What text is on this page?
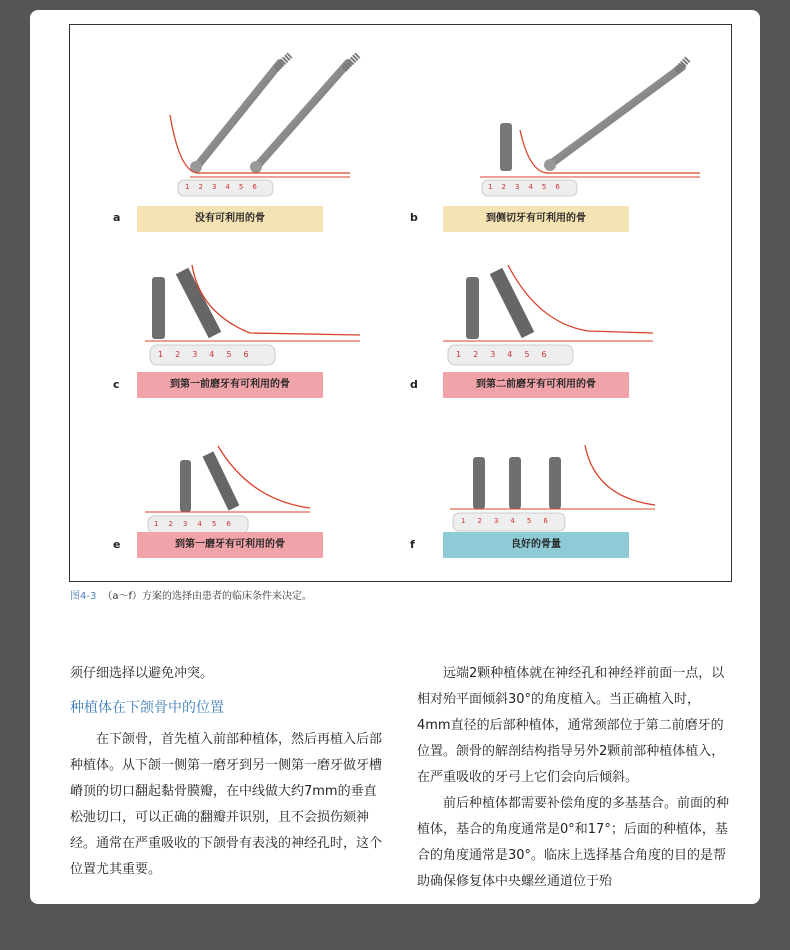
123456
a	没有可利用的骨
123456
b	到侧切牙有可利用的骨
123456
c	到第一前磨牙有可利用的骨
123456
d	到第二前磨牙有可利用的骨
123456
e	到第一磨牙有可利用的骨
123456
f	良好的骨量
图4-3 （a～f）方案的选择由患者的临床条件来决定。

须仔细选择以避免冲突。

种植体在下颌骨中的位置

在下颌骨，首先植入前部种植体，然后再植入后部种植体。从下颌一侧第一磨牙到另一侧第一磨牙做牙槽嵴顶的切口翻起黏骨膜瓣，在中线做大约7mm的垂直松弛切口，可以正确的翻瓣并识别，且不会损伤颏神经。通常在严重吸收的下颌骨有表浅的神经孔时，这个位置尤其重要。

远端2颗种植体就在神经孔和神经袢前面一点，以相对殆平面倾斜30°的角度植入。当正确植入时，4mm直径的后部种植体，通常颈部位于第二前磨牙的位置。颌骨的解剖结构指导另外2颗前部种植体植入，在严重吸收的牙弓上它们会向后倾斜。

前后种植体都需要补偿角度的多基基合。前面的种植体，基合的角度通常是0°和17°；后面的种植体，基合的角度通常是30°。临床上选择基合角度的目的是帮助确保修复体中央螺丝通道位于殆
